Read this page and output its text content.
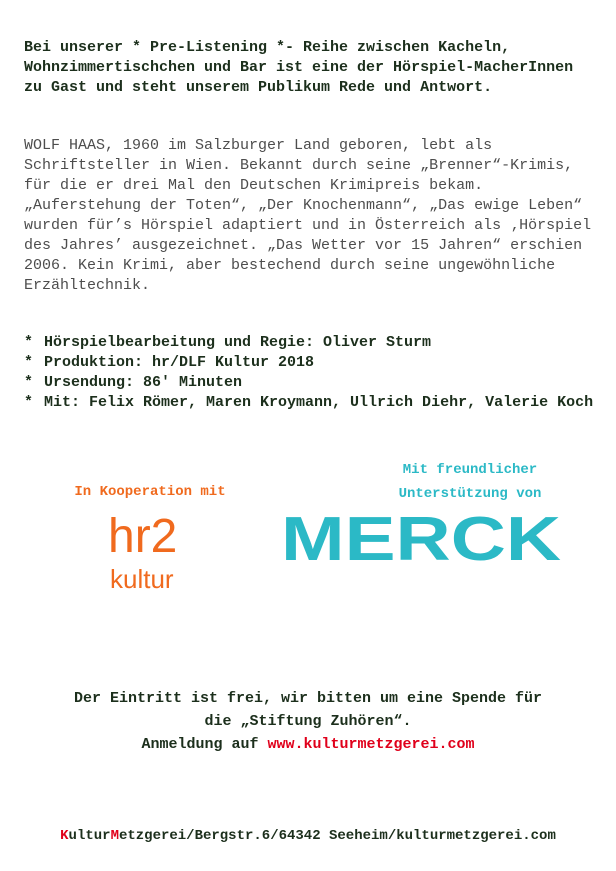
Bei unserer * Pre-Listening *- Reihe zwischen Kacheln, Wohnzimmertischchen und Bar ist eine der Hörspiel-MacherInnen zu Gast und steht unserem Publikum Rede und Antwort.

WOLF HAAS, 1960 im Salzburger Land geboren, lebt als Schriftsteller in Wien. Bekannt durch seine „Brenner“-Krimis, für die er drei Mal den Deutschen Krimipreis bekam. „Auferstehung der Toten“, „Der Knochenmann“, „Das ewige Leben“ wurden für’s Hörspiel adaptiert und in Österreich als ‚Hörspiel des Jahres’ ausgezeichnet. „Das Wetter vor 15 Jahren“ erschien 2006. Kein Krimi, aber bestechend durch seine ungewöhnliche Erzähltechnik.

* Hörspielbearbeitung und Regie: Oliver Sturm
* Produktion: hr/DLF Kultur 2018
* Ursendung: 86' Minuten
* Mit: Felix Römer, Maren Kroymann, Ullrich Diehr, Valerie Koch
In Kooperation mit
hr2
kultur
Mit freundlicher
Unterstützung von
MERCK
Der Eintritt ist frei, wir bitten um eine Spende für
die „Stiftung Zuhören“.
Anmeldung auf www.kulturmetzgerei.com
KulturMetzgerei/Bergstr.6/64342 Seeheim/kulturmetzgerei.com
